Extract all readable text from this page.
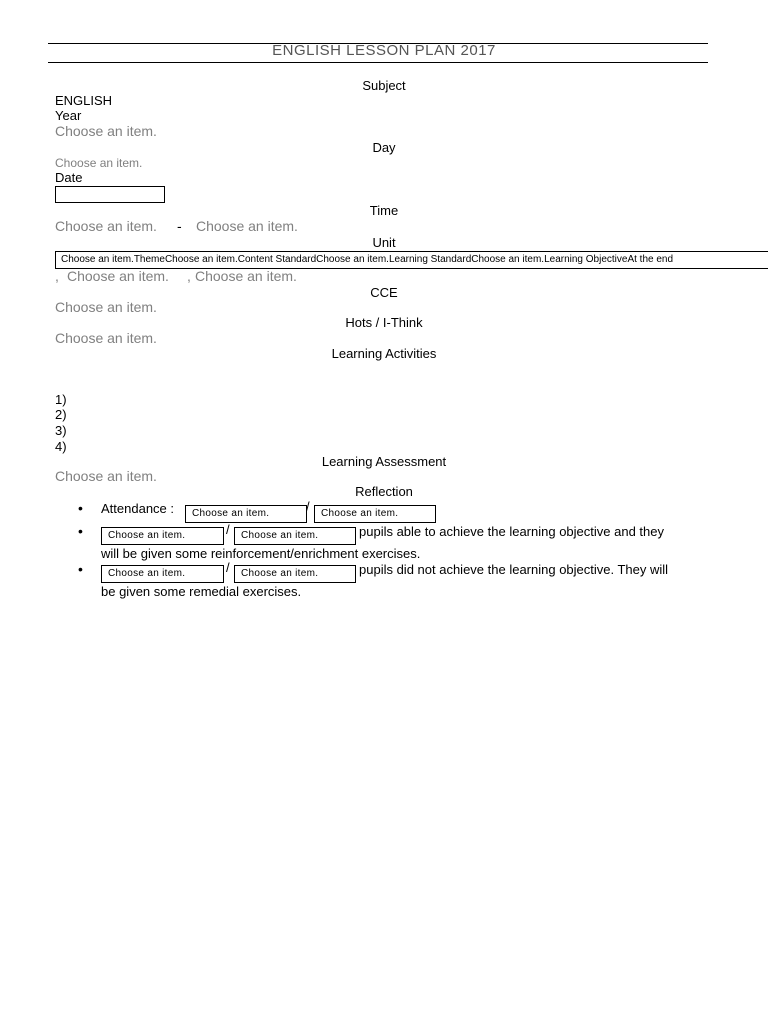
ENGLISH LESSON PLAN 2017
Subject
ENGLISH
Year
Choose an item.
Day
Choose an item.
Date
Time
Choose an item. - Choose an item.
Unit
Choose an item.ThemeChoose an item.Content StandardChoose an item.Learning StandardChoose an item.Learning ObjectiveAt the end
, Choose an item. , Choose an item.
CCE
Choose an item.
Hots / I-Think
Choose an item.
Learning Activities
1)
2)
3)
4)
Learning Assessment
Choose an item.
Reflection
• Attendance :	Choose an item.	/	Choose an item.
•	Choose an item.	/	Choose an item.	pupils able to achieve the learning objective and they
will be given some reinforcement/enrichment exercises.
•	Choose an item.	/	Choose an item.	pupils did not achieve the learning objective. They will
be given some remedial exercises.
